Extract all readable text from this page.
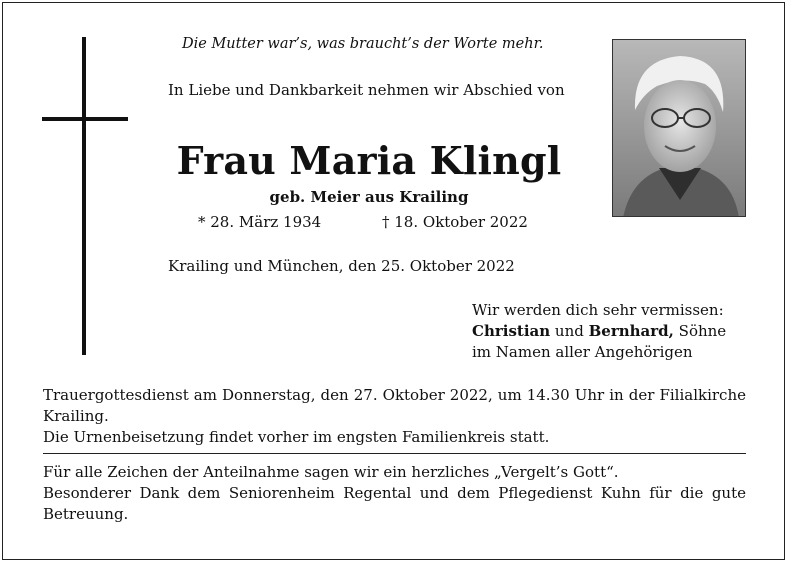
Die Mutter war’s, was braucht’s der Worte mehr.
In Liebe und Dankbarkeit nehmen wir Abschied von
Frau Maria Klingl
geb. Meier aus Krailing
* 28. März 1934	† 18. Oktober 2022
Krailing und München, den 25. Oktober 2022
Wir werden dich sehr vermissen:
Christian und Bernhard, Söhne
im Namen aller Angehörigen

Trauergottesdienst am Donnerstag, den 27. Oktober 2022, um 14.30 Uhr in der Filialkirche Krailing.

Die Urnenbeisetzung findet vorher im engsten Familienkreis statt.

Für alle Zeichen der Anteilnahme sagen wir ein herzliches „Vergelt’s Gott“.

Besonderer Dank dem Seniorenheim Regental und dem Pflegedienst Kuhn für die gute Betreuung.
